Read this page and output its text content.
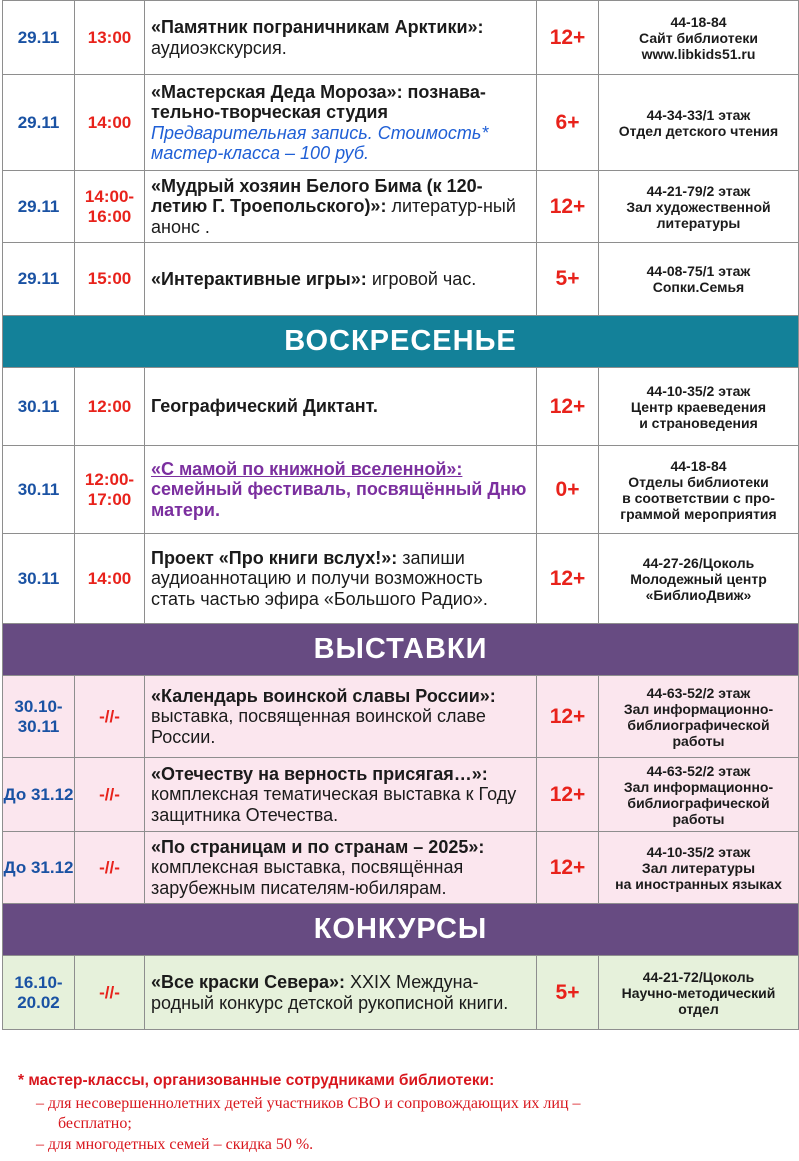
29.11	13:00	«Памятник пограничникам Арктики»:
аудиоэкскурсия.	12+	44-18-84
Сайт библиотеки
www.libkids51.ru
29.11	14:00	«Мастерская Деда Мороза»: познава-тельно-творческая студия
Предварительная запись. Стоимость* мастер-класса – 100 руб.	6+	44-34-33/1 этаж
Отдел детского чтения
29.11	14:00-16:00	«Мудрый хозяин Белого Бима (к 120-летию Г. Троепольского)»: литератур-ный анонс .	12+	44-21-79/2 этаж
Зал художественной
литературы
29.11	15:00	«Интерактивные игры»: игровой час.	5+	44-08-75/1 этаж
Сопки.Семья
ВОСКРЕСЕНЬЕ				
30.11	12:00	Географический Диктант.	12+	44-10-35/2 этаж
Центр краеведения
и страноведения
30.11	12:00-17:00	«С мамой по книжной вселенной»:
семейный фестиваль, посвящённый Дню матери.	0+	44-18-84
Отделы библиотеки
в соответствии с про-
граммой мероприятия
30.11	14:00	Проект «Про книги вслух!»: запиши аудиоаннотацию и получи возможность стать частью эфира «Большого Радио».	12+	44-27-26/Цоколь
Молодежный центр
«БиблиоДвиж»
ВЫСТАВКИ				
30.10-30.11	-//-	«Календарь воинской славы России»:
выставка, посвященная воинской славе России.	12+	44-63-52/2 этаж
Зал информационно-
библиографической
работы
До 31.12	-//-	«Отечеству на верность присягая…»:
комплексная тематическая выставка к Году защитника Отечества.	12+	44-63-52/2 этаж
Зал информационно-
библиографической
работы
До 31.12	-//-	«По страницам и по странам – 2025»:
комплексная выставка, посвящённая зарубежным писателям-юбилярам.	12+	44-10-35/2 этаж
Зал литературы
на иностранных языках
КОНКУРСЫ				
16.10-20.02	-//-	«Все краски Севера»: XXIX Междуна-родный конкурс детской рукописной книги.	5+	44-21-72/Цоколь
Научно-методический
отдел
* мастер-классы, организованные сотрудниками библиотеки:
– для несовершеннолетних детей участников СВО и сопровождающих их лиц –
бесплатно;
– для многодетных семей – скидка 50 %.
